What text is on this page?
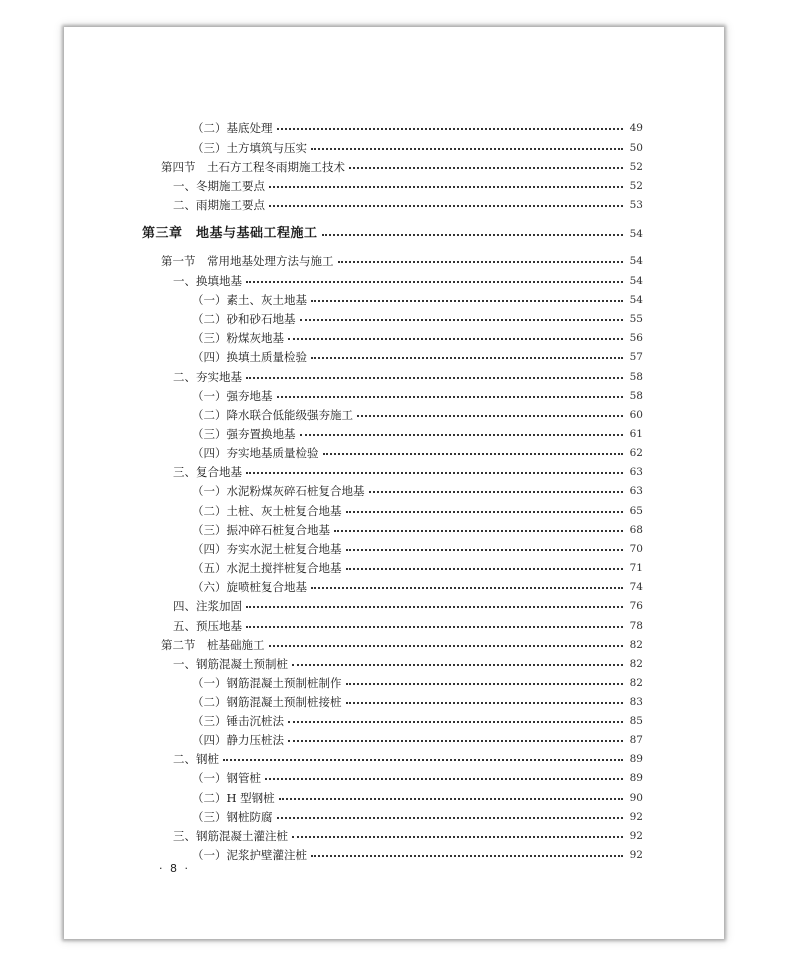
（二）基底处理	49
（三）土方填筑与压实	50
第四节　土石方工程冬雨期施工技术	52
一、冬期施工要点	52
二、雨期施工要点	53
第三章　地基与基础工程施工	54
第一节　常用地基处理方法与施工	54
一、换填地基	54
（一）素土、灰土地基	54
（二）砂和砂石地基	55
（三）粉煤灰地基	56
（四）换填土质量检验	57
二、夯实地基	58
（一）强夯地基	58
（二）降水联合低能级强夯施工	60
（三）强夯置换地基	61
（四）夯实地基质量检验	62
三、复合地基	63
（一）水泥粉煤灰碎石桩复合地基	63
（二）土桩、灰土桩复合地基	65
（三）振冲碎石桩复合地基	68
（四）夯实水泥土桩复合地基	70
（五）水泥土搅拌桩复合地基	71
（六）旋喷桩复合地基	74
四、注浆加固	76
五、预压地基	78
第二节　桩基础施工	82
一、钢筋混凝土预制桩	82
（一）钢筋混凝土预制桩制作	82
（二）钢筋混凝土预制桩接桩	83
（三）锤击沉桩法	85
（四）静力压桩法	87
二、钢桩	89
（一）钢管桩	89
（二）H 型钢桩	90
（三）钢桩防腐	92
三、钢筋混凝土灌注桩	92
（一）泥浆护壁灌注桩	92
· 8 ·
